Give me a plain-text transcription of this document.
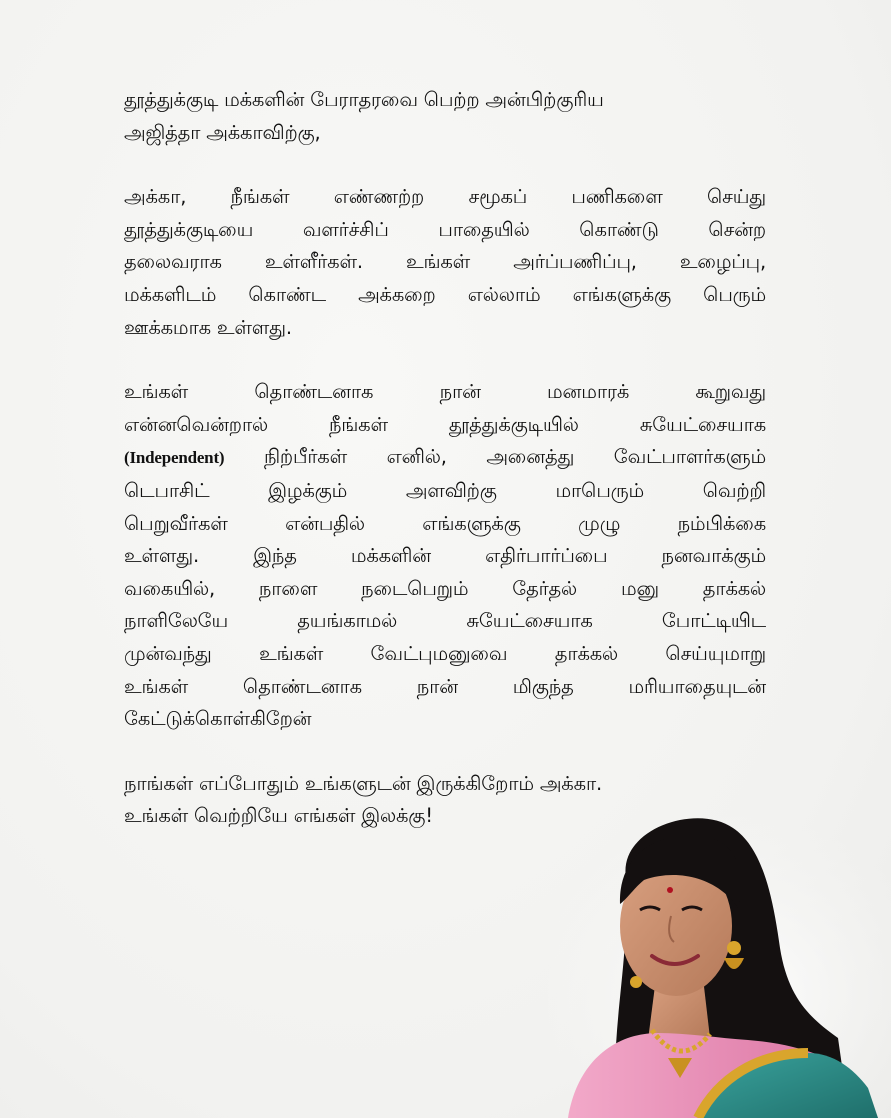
தூத்துக்குடி மக்களின் பேராதரவை பெற்ற அன்பிற்குரிய

அஜித்தா அக்காவிற்கு,

அக்கா, நீங்கள் எண்ணற்ற சமூகப் பணிகளை செய்து

தூத்துக்குடியை வளர்ச்சிப் பாதையில் கொண்டு சென்ற

தலைவராக உள்ளீர்கள். உங்கள் அர்ப்பணிப்பு, உழைப்பு,

மக்களிடம் கொண்ட அக்கறை எல்லாம் எங்களுக்கு பெரும்

ஊக்கமாக உள்ளது.

உங்கள் தொண்டனாக நான் மனமாரக் கூறுவது

என்னவென்றால் நீங்கள் தூத்துக்குடியில் சுயேட்சையாக

(Independent) நிற்பீர்கள் எனில், அனைத்து வேட்பாளர்களும்

டெபாசிட் இழக்கும் அளவிற்கு மாபெரும் வெற்றி

பெறுவீர்கள் என்பதில் எங்களுக்கு முழு நம்பிக்கை

உள்ளது. இந்த மக்களின் எதிர்பார்ப்பை நனவாக்கும்

வகையில், நாளை நடைபெறும் தேர்தல் மனு தாக்கல்

நாளிலேயே தயங்காமல் சுயேட்சையாக போட்டியிட

முன்வந்து உங்கள் வேட்புமனுவை தாக்கல் செய்யுமாறு

உங்கள் தொண்டனாக நான் மிகுந்த மரியாதையுடன்

கேட்டுக்கொள்கிறேன்

நாங்கள் எப்போதும் உங்களுடன் இருக்கிறோம் அக்கா.

உங்கள் வெற்றியே எங்கள் இலக்கு!
